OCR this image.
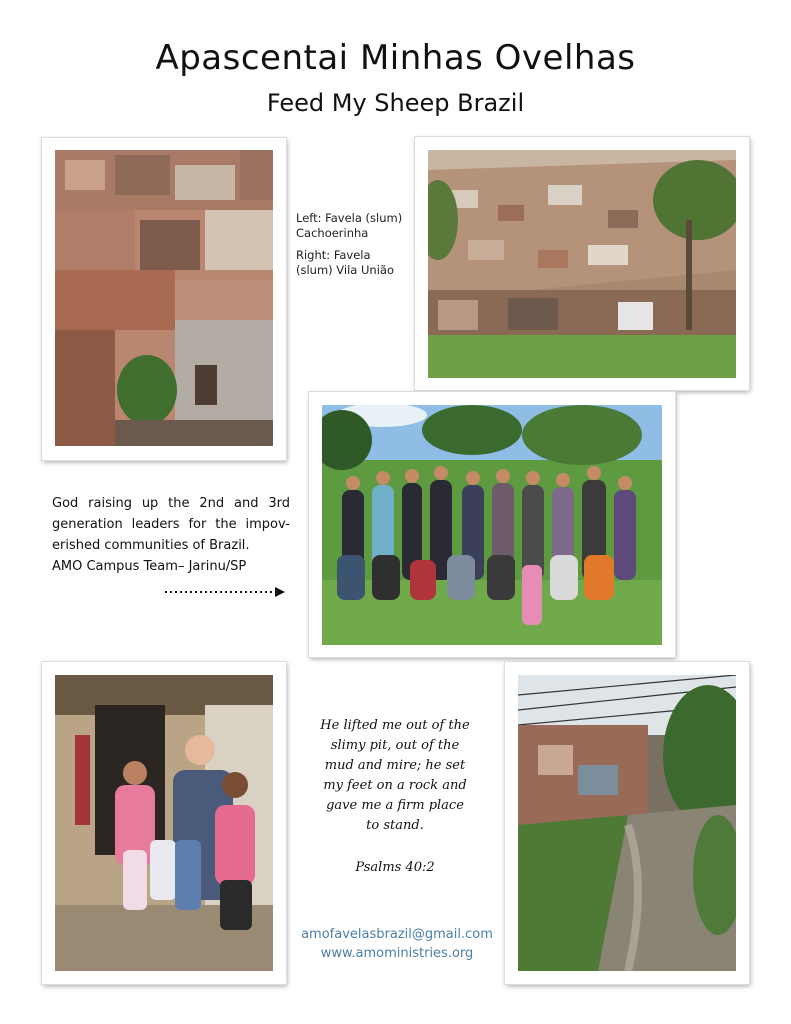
Apascentai Minhas Ovelhas
Feed My Sheep Brazil
Left: Favela (slum) Cachoerinha
Right: Favela (slum) Vila União
God raising up the 2nd and 3rd generation leaders for the impov-erished communities of Brazil.
AMO Campus Team– Jarinu/SP
He lifted me out of the slimy pit, out of the mud and mire; he set my feet on a rock and gave me a firm place to stand.
Psalms 40:2
amofavelasbrazil@gmail.com
www.amoministries.org
